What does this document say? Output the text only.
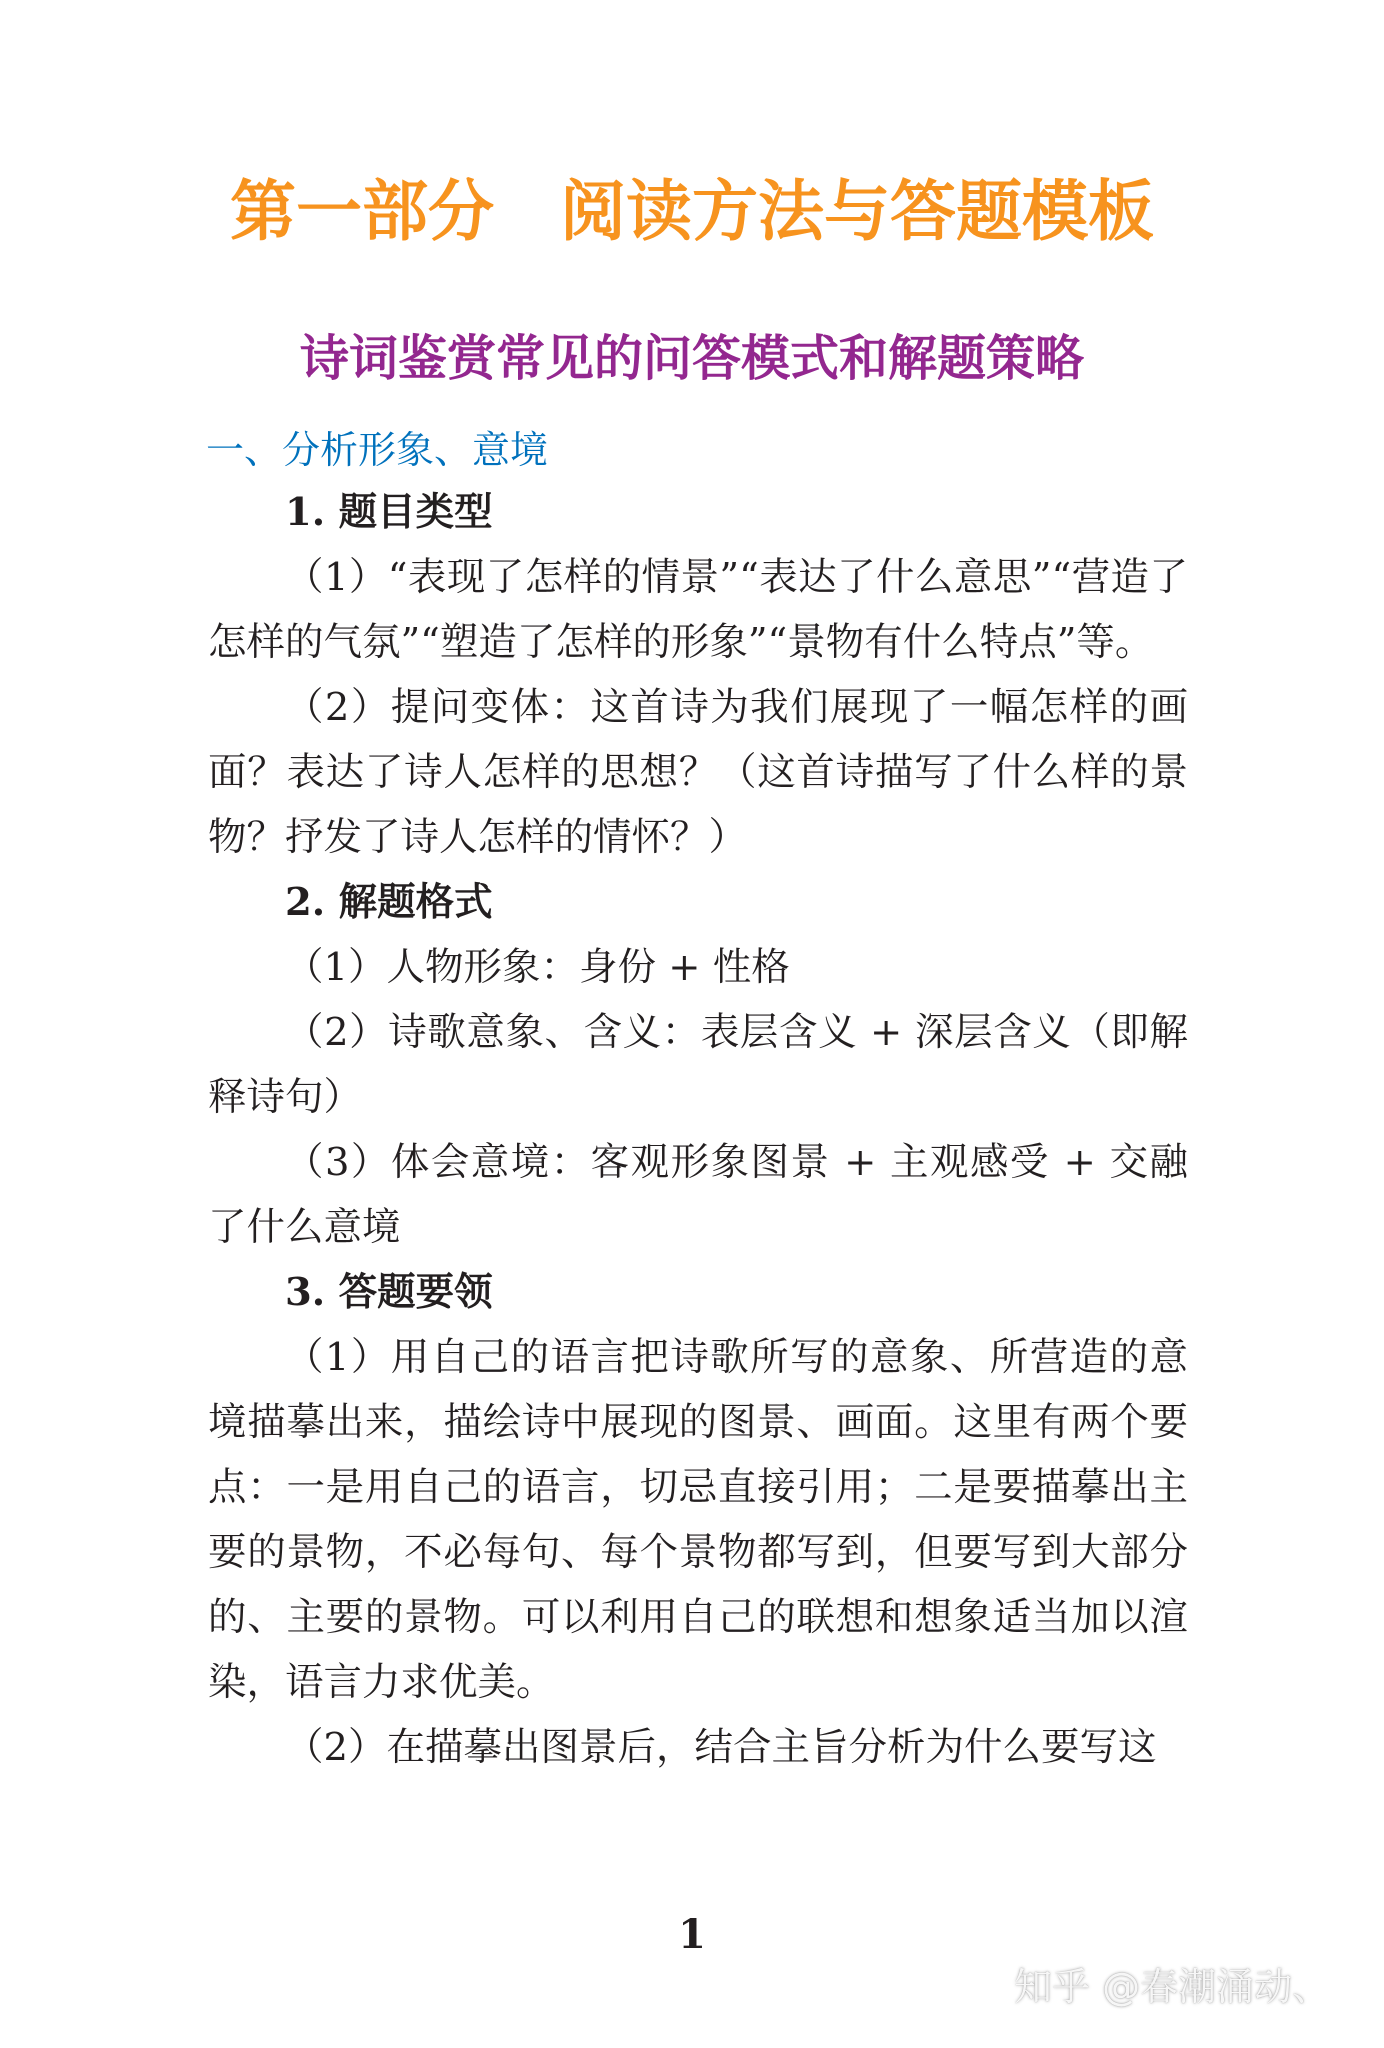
第一部分　阅读方法与答题模板
诗词鉴赏常见的问答模式和解题策略
一、分析形象、意境

1. 题目类型

（1）“表现了怎样的情景”“表达了什么意思”“营造了怎样的气氛”“塑造了怎样的形象”“景物有什么特点”等。

（2）提问变体：这首诗为我们展现了一幅怎样的画面？表达了诗人怎样的思想？（这首诗描写了什么样的景物？抒发了诗人怎样的情怀？）

2. 解题格式

（1）人物形象：身份 + 性格

（2）诗歌意象、含义：表层含义 + 深层含义（即解释诗句）

（3）体会意境：客观形象图景 + 主观感受 + 交融了什么意境

3. 答题要领

（1）用自己的语言把诗歌所写的意象、所营造的意境描摹出来，描绘诗中展现的图景、画面。这里有两个要点：一是用自己的语言，切忌直接引用；二是要描摹出主要的景物，不必每句、每个景物都写到，但要写到大部分的、主要的景物。可以利用自己的联想和想象适当加以渲染，语言力求优美。

（2）在描摹出图景后，结合主旨分析为什么要写这

1
知乎 @春潮涌动、
